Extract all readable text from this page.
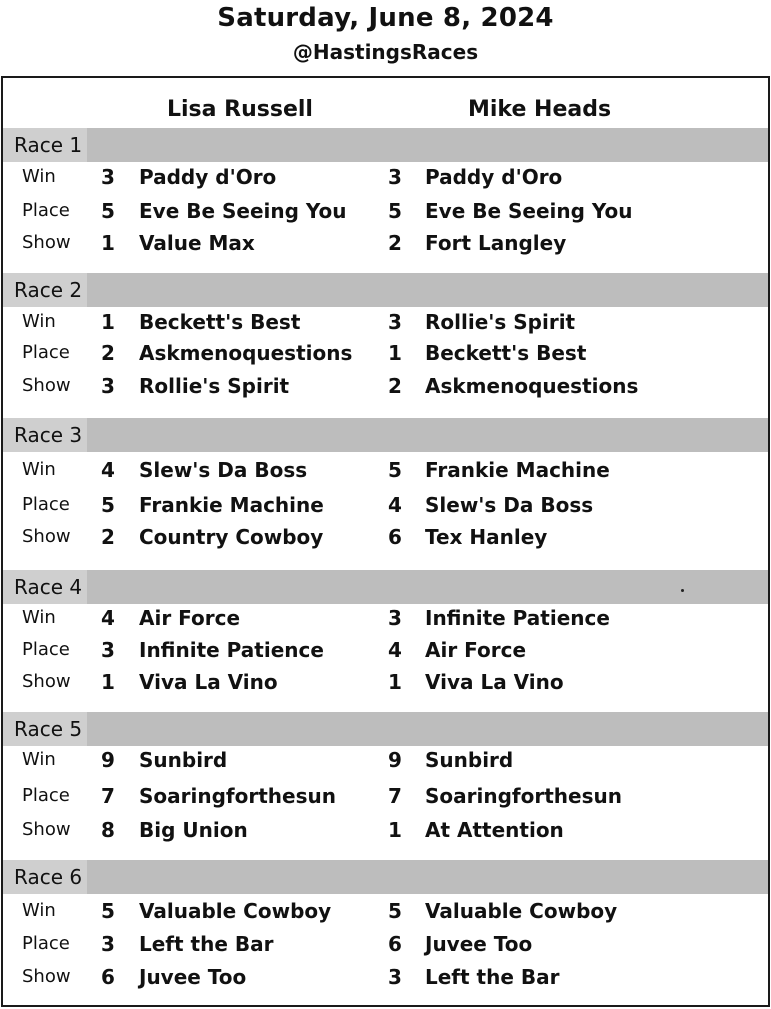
Saturday, June 8, 2024
@HastingsRaces
Lisa Russell	Mike Heads
Race 1
Win 3 Paddy d'Oro	3 Paddy d'Oro
Place 5 Eve Be Seeing You 5 Eve Be Seeing You
Show 1 Value Max	2 Fort Langley
Race 2
Win 1 Beckett's Best	3 Rollie's Spirit
Place 2 Askmenoquestions 1 Beckett's Best
Show 3 Rollie's Spirit	2 Askmenoquestions
Race 3
Win 4 Slew's Da Boss	5 Frankie Machine
Place 5 Frankie Machine	4 Slew's Da Boss
Show 2 Country Cowboy	6 Tex Hanley
Race 4
Win 4 Air Force	3 Infinite Patience
Place 3 Infinite Patience	4 Air Force
Show 1 Viva La Vino	1 Viva La Vino
Race 5
Win 9 Sunbird	9 Sunbird
Place 7 Soaringforthesun	7 Soaringforthesun
Show 8 Big Union	1 At Attention
Race 6
Win 5 Valuable Cowboy	5 Valuable Cowboy
Place 3 Left the Bar	6 Juvee Too
Show 6 Juvee Too	3 Left the Bar
